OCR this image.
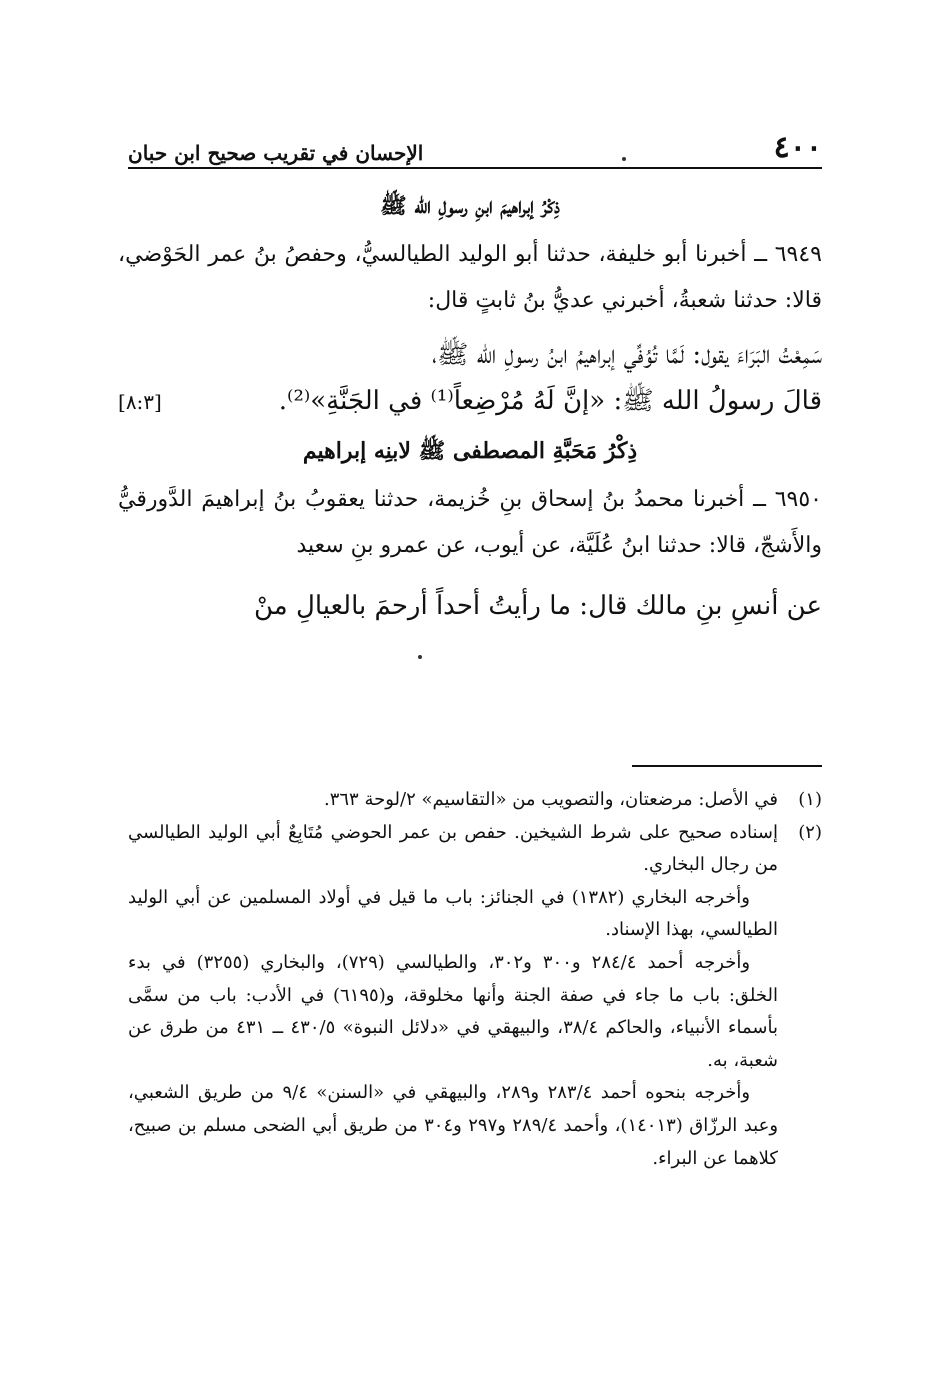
٤٠٠
الإحسان في تقريب صحيح ابن حبان
ذِكْرُ إبراهيمَ ابنِ رسولِ الله ﷺ

٦٩٤٩ ــ أخبرنا أبو خليفة، حدثنا أبو الوليد الطيالسيُّ، وحفصُ بنُ عمر الحَوْضي، قالا: حدثنا شعبةُ، أخبرني عديُّ بنُ ثابتٍ قال:

سَمِعْتُ البَرَاءَ يقول: لَمَّا تُوُفِّي إبراهيمُ ابنُ رسولِ الله ﷺ،
قالَ رسولُ الله ﷺ: «إنَّ لَهُ مُرْضِعاً⁽¹⁾ في الجَنَّةِ»⁽²⁾.
[٨:٣]
ذِكْرُ مَحَبَّةِ المصطفى ﷺ لابنِه إبراهيم

٦٩٥٠ ــ أخبرنا محمدُ بنُ إسحاق بنِ خُزيمة، حدثنا يعقوبُ بنُ إبراهيمَ الدَّورقيُّ والأَشجّ، قالا: حدثنا ابنُ عُلَيَّة، عن أيوب، عن عمرو بنِ سعيد

عن أنسِ بنِ مالك قال: ما رأيتُ أحداً أرحمَ بالعيالِ منْ
(١)

في الأصل: مرضعتان، والتصويب من «التقاسيم» ٢/لوحة ٣٦٣.

(٢)

إسناده صحيح على شرط الشيخين. حفص بن عمر الحوضي مُتَابِعٌ أبي الوليد الطيالسي من رجال البخاري.

وأخرجه البخاري (١٣٨٢) في الجنائز: باب ما قيل في أولاد المسلمين عن أبي الوليد الطيالسي، بهذا الإسناد.

وأخرجه أحمد ٢٨٤/٤ و٣٠٠ و٣٠٢، والطيالسي (٧٢٩)، والبخاري (٣٢٥٥) في بدء الخلق: باب ما جاء في صفة الجنة وأنها مخلوقة، و(٦١٩٥) في الأدب: باب من سمَّى بأسماء الأنبياء، والحاكم ٣٨/٤، والبيهقي في «دلائل النبوة» ٤٣٠/٥ ــ ٤٣١ من طرق عن شعبة، به.

وأخرجه بنحوه أحمد ٢٨٣/٤ و٢٨٩، والبيهقي في «السنن» ٩/٤ من طريق الشعبي، وعبد الرزّاق (١٤٠١٣)، وأحمد ٢٨٩/٤ و٢٩٧ و٣٠٤ من طريق أبي الضحى مسلم بن صبيح، كلاهما عن البراء.
